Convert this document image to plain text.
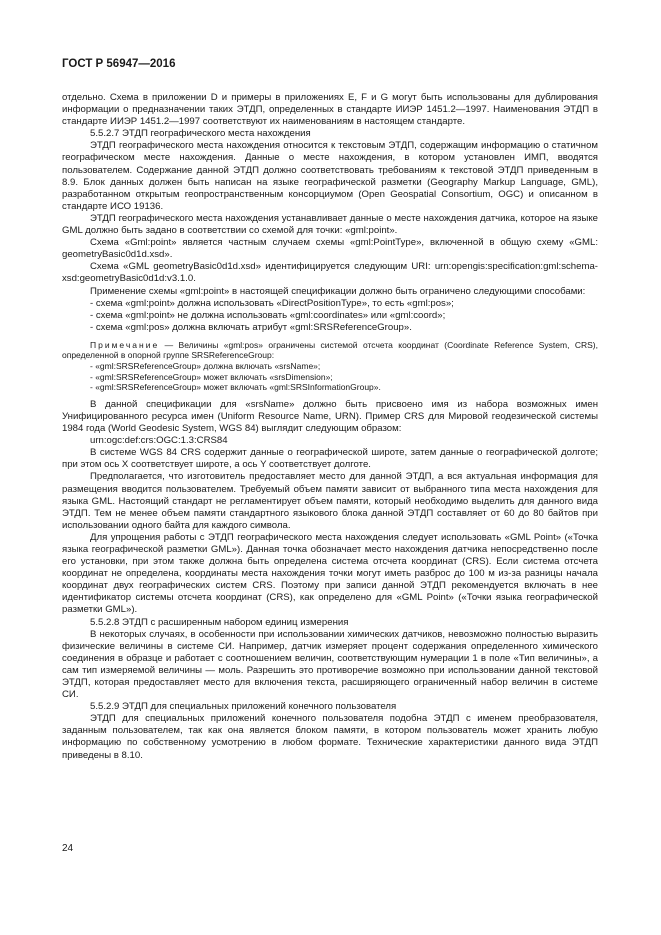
ГОСТ Р 56947—2016

отдельно. Схема в приложении D и примеры в приложениях E, F и G могут быть использованы для дублирования информации о предназначении таких ЭТДП, определенных в стандарте ИИЭР 1451.2—1997. Наименования ЭТДП в стандарте ИИЭР 1451.2—1997 соответствуют их наименованиям в настоящем стандарте.

5.5.2.7 ЭТДП географического места нахождения

ЭТДП географического места нахождения относится к текстовым ЭТДП, содержащим информацию о статичном географическом месте нахождения. Данные о месте нахождения, в котором установлен ИМП, вводятся пользователем. Содержание данной ЭТДП должно соответствовать требованиям к текстовой ЭТДП приведенным в 8.9. Блок данных должен быть написан на языке географической разметки (Geography Markup Language, GML), разработанном открытым геопространственным консорциумом (Open Geospatial Consortium, OGC) и описанном в стандарте ИСО 19136.

ЭТДП географического места нахождения устанавливает данные о месте нахождения датчика, которое на языке GML должно быть задано в соответствии со схемой для точки: «gml:point».

Схема «Gml:point» является частным случаем схемы «gml:PointType», включенной в общую схему «GML: geometryBasic0d1d.xsd».

Схема «GML geometryBasic0d1d.xsd» идентифицируется следующим URI: urn:opengis:specification:gml:schema-xsd:geometryBasic0d1d:v3.1.0.

Применение схемы «gml:point» в настоящей спецификации должно быть ограничено следующими способами:

- схема «gml:point» должна использовать «DirectPositionType», то есть «gml:pos»;

- схема «gml:point» не должна использовать «gml:coordinates» или «gml:coord»;

- схема «gml:pos» должна включать атрибут «gml:SRSReferenceGroup».

Примечание — Величины «gml:pos» ограничены системой отсчета координат (Coordinate Reference System, CRS), определенной в опорной группе SRSReferenceGroup:

- «gml:SRSReferenceGroup» должна включать «srsName»;

- «gml:SRSReferenceGroup» может включать «srsDimension»;

- «gml:SRSReferenceGroup» может включать «gml:SRSInformationGroup».

В данной спецификации для «srsName» должно быть присвоено имя из набора возможных имен Унифицированного ресурса имен (Uniform Resource Name, URN). Пример CRS для Мировой геодезической системы 1984 года (World Geodesic System, WGS 84) выглядит следующим образом:

urn:ogc:def:crs:OGC:1.3:CRS84

В системе WGS 84 CRS содержит данные о географической широте, затем данные о географической долготе; при этом ось X соответствует широте, а ось Y соответствует долготе.

Предполагается, что изготовитель предоставляет место для данной ЭТДП, а вся актуальная информация для размещения вводится пользователем. Требуемый объем памяти зависит от выбранного типа места нахождения для языка GML. Настоящий стандарт не регламентирует объем памяти, который необходимо выделить для данного вида ЭТДП. Тем не менее объем памяти стандартного языкового блока данной ЭТДП составляет от 60 до 80 байтов при использовании одного байта для каждого символа.

Для упрощения работы с ЭТДП географического места нахождения следует использовать «GML Point» («Точка языка географической разметки GML»). Данная точка обозначает место нахождения датчика непосредственно после его установки, при этом также должна быть определена система отсчета координат (CRS). Если система отсчета координат не определена, координаты места нахождения точки могут иметь разброс до 100 м из-за разницы начала координат двух географических систем CRS. Поэтому при записи данной ЭТДП рекомендуется включать в нее идентификатор системы отсчета координат (CRS), как определено для «GML Point» («Точки языка географической разметки GML»).

5.5.2.8 ЭТДП с расширенным набором единиц измерения

В некоторых случаях, в особенности при использовании химических датчиков, невозможно полностью выразить физические величины в системе СИ. Например, датчик измеряет процент содержания определенного химического соединения в образце и работает с соотношением величин, соответствующим нумерации 1 в поле «Тип величины», а сам тип измеряемой величины — моль. Разрешить это противоречие возможно при использовании данной текстовой ЭТДП, которая предоставляет место для включения текста, расширяющего ограниченный набор величин в системе СИ.

5.5.2.9 ЭТДП для специальных приложений конечного пользователя

ЭТДП для специальных приложений конечного пользователя подобна ЭТДП с именем преобразователя, заданным пользователем, так как она является блоком памяти, в котором пользователь может хранить любую информацию по собственному усмотрению в любом формате. Технические характеристики данного вида ЭТДП приведены в 8.10.

24
